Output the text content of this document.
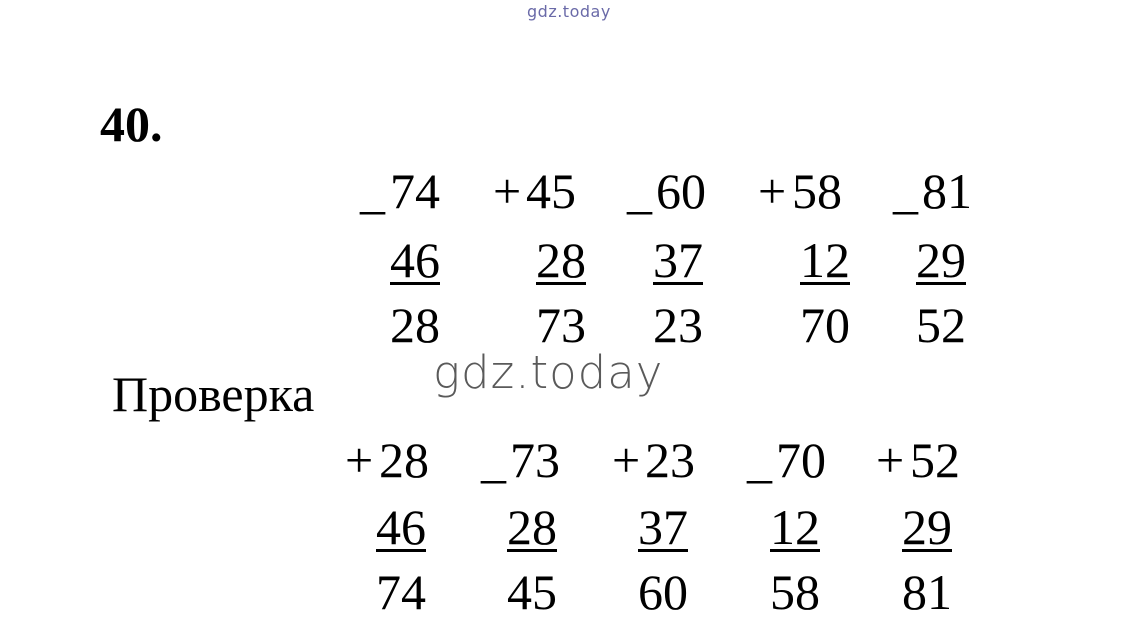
gdz.today
40.
_ 74
46
28
+ 45
28
73
_ 60
37
23
+ 58
12
70
_ 81
29
52
Проверка	gdz.today
+ 28
46
74
_ 73
28
45
+ 23
37
60
_ 70
12
58
+ 52
29
81
